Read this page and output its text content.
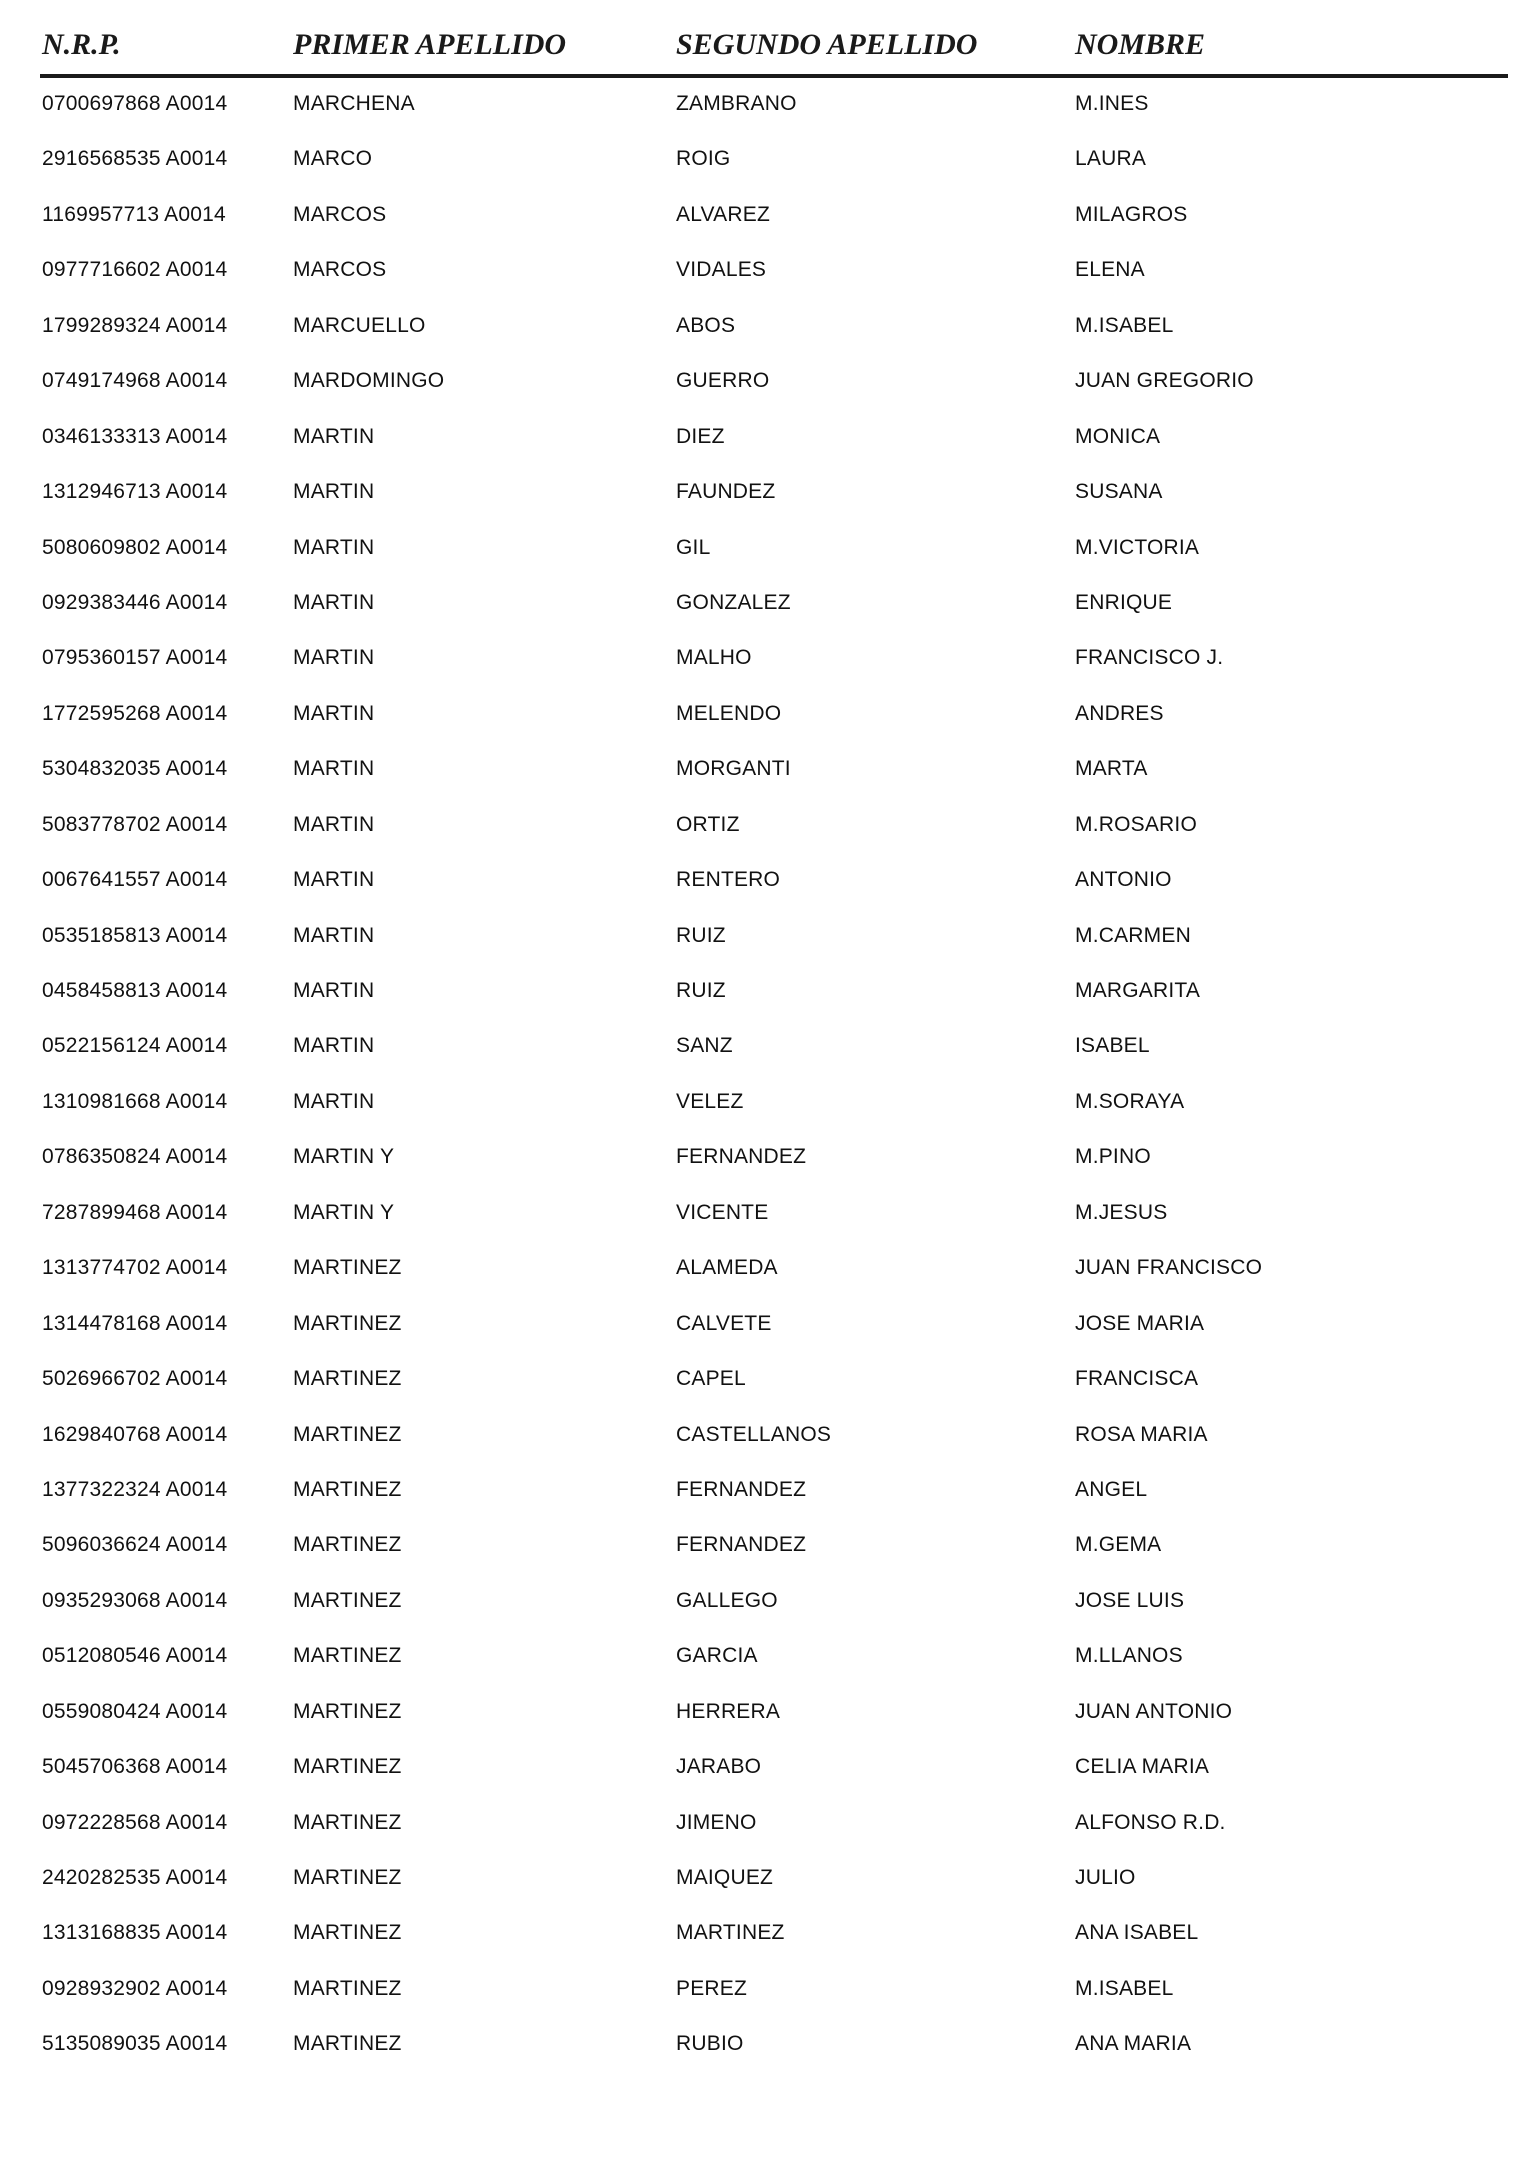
N.R.P.	PRIMER APELLIDO	SEGUNDO APELLIDO	NOMBRE
0700697868 A0014	MARCHENA	ZAMBRANO	M.INES
2916568535 A0014	MARCO	ROIG	LAURA
1169957713 A0014	MARCOS	ALVAREZ	MILAGROS
0977716602 A0014	MARCOS	VIDALES	ELENA
1799289324 A0014	MARCUELLO	ABOS	M.ISABEL
0749174968 A0014	MARDOMINGO	GUERRO	JUAN GREGORIO
0346133313 A0014	MARTIN	DIEZ	MONICA
1312946713 A0014	MARTIN	FAUNDEZ	SUSANA
5080609802 A0014	MARTIN	GIL	M.VICTORIA
0929383446 A0014	MARTIN	GONZALEZ	ENRIQUE
0795360157 A0014	MARTIN	MALHO	FRANCISCO J.
1772595268 A0014	MARTIN	MELENDO	ANDRES
5304832035 A0014	MARTIN	MORGANTI	MARTA
5083778702 A0014	MARTIN	ORTIZ	M.ROSARIO
0067641557 A0014	MARTIN	RENTERO	ANTONIO
0535185813 A0014	MARTIN	RUIZ	M.CARMEN
0458458813 A0014	MARTIN	RUIZ	MARGARITA
0522156124 A0014	MARTIN	SANZ	ISABEL
1310981668 A0014	MARTIN	VELEZ	M.SORAYA
0786350824 A0014	MARTIN Y	FERNANDEZ	M.PINO
7287899468 A0014	MARTIN Y	VICENTE	M.JESUS
1313774702 A0014	MARTINEZ	ALAMEDA	JUAN FRANCISCO
1314478168 A0014	MARTINEZ	CALVETE	JOSE MARIA
5026966702 A0014	MARTINEZ	CAPEL	FRANCISCA
1629840768 A0014	MARTINEZ	CASTELLANOS	ROSA MARIA
1377322324 A0014	MARTINEZ	FERNANDEZ	ANGEL
5096036624 A0014	MARTINEZ	FERNANDEZ	M.GEMA
0935293068 A0014	MARTINEZ	GALLEGO	JOSE LUIS
0512080546 A0014	MARTINEZ	GARCIA	M.LLANOS
0559080424 A0014	MARTINEZ	HERRERA	JUAN ANTONIO
5045706368 A0014	MARTINEZ	JARABO	CELIA MARIA
0972228568 A0014	MARTINEZ	JIMENO	ALFONSO R.D.
2420282535 A0014	MARTINEZ	MAIQUEZ	JULIO
1313168835 A0014	MARTINEZ	MARTINEZ	ANA ISABEL
0928932902 A0014	MARTINEZ	PEREZ	M.ISABEL
5135089035 A0014	MARTINEZ	RUBIO	ANA MARIA
